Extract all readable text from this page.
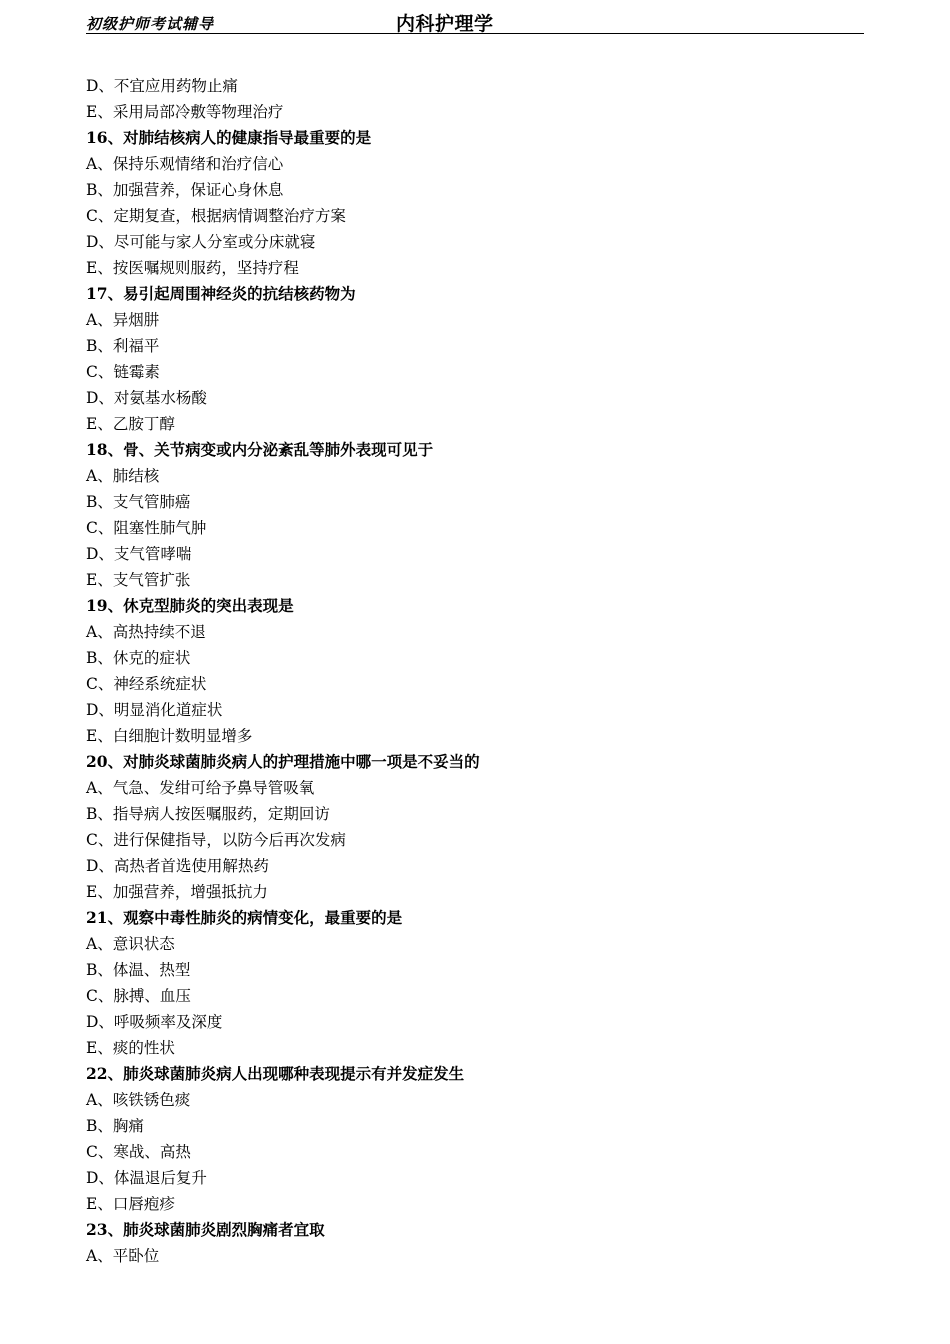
初级护师考试辅导	内科护理学
D、不宜应用药物止痛
E、采用局部冷敷等物理治疗
16、对肺结核病人的健康指导最重要的是
A、保持乐观情绪和治疗信心
B、加强营养，保证心身休息
C、定期复查，根据病情调整治疗方案
D、尽可能与家人分室或分床就寝
E、按医嘱规则服药，坚持疗程
17、易引起周围神经炎的抗结核药物为
A、异烟肼
B、利福平
C、链霉素
D、对氨基水杨酸
E、乙胺丁醇
18、骨、关节病变或内分泌紊乱等肺外表现可见于
A、肺结核
B、支气管肺癌
C、阻塞性肺气肿
D、支气管哮喘
E、支气管扩张
19、休克型肺炎的突出表现是
A、高热持续不退
B、休克的症状
C、神经系统症状
D、明显消化道症状
E、白细胞计数明显增多
20、对肺炎球菌肺炎病人的护理措施中哪一项是不妥当的
A、气急、发绀可给予鼻导管吸氧
B、指导病人按医嘱服药，定期回访
C、进行保健指导，以防今后再次发病
D、高热者首选使用解热药
E、加强营养，增强抵抗力
21、观察中毒性肺炎的病情变化，最重要的是
A、意识状态
B、体温、热型
C、脉搏、血压
D、呼吸频率及深度
E、痰的性状
22、肺炎球菌肺炎病人出现哪种表现提示有并发症发生
A、咳铁锈色痰
B、胸痛
C、寒战、高热
D、体温退后复升
E、口唇疱疹
23、肺炎球菌肺炎剧烈胸痛者宜取
A、平卧位
